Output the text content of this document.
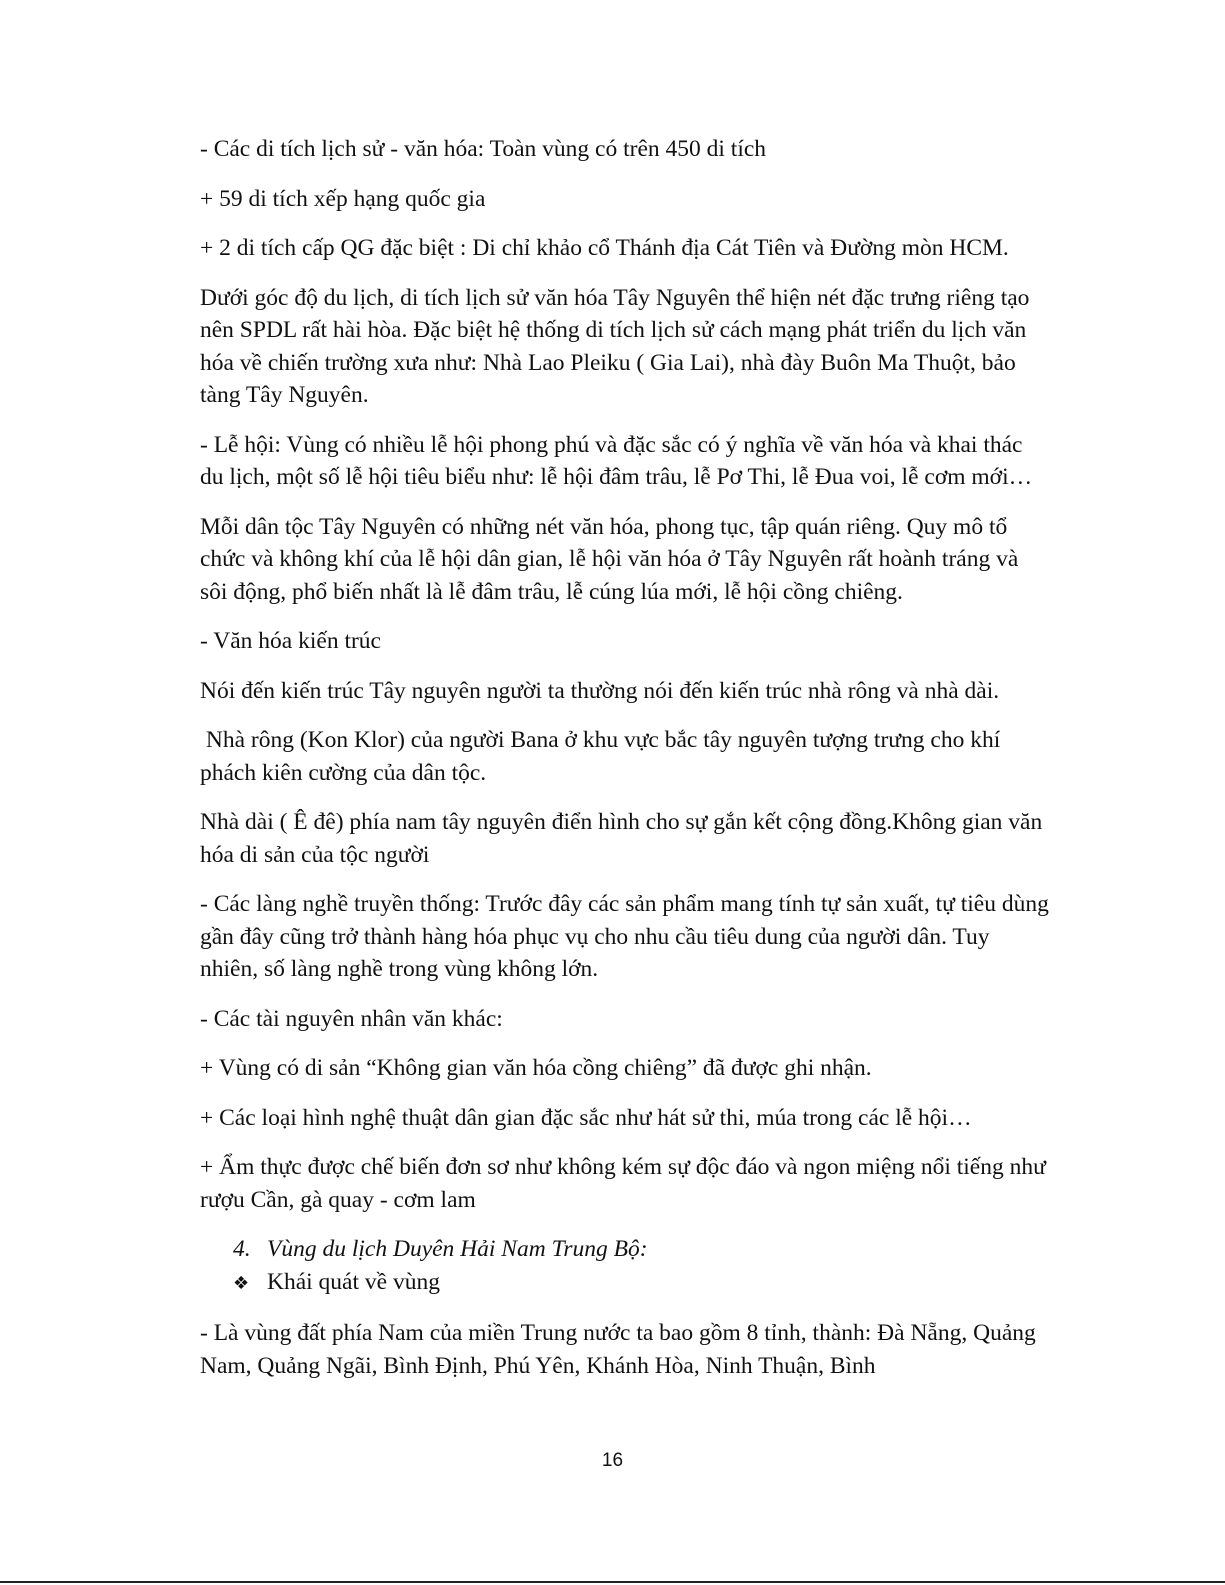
- Các di tích lịch sử - văn hóa: Toàn vùng có trên 450 di tích

+ 59 di tích xếp hạng quốc gia

+ 2 di tích cấp QG đặc biệt : Di chỉ khảo cổ Thánh địa Cát Tiên và Đường mòn HCM.

Dưới góc độ du lịch, di tích lịch sử văn hóa Tây Nguyên thể hiện nét đặc trưng riêng tạo nên SPDL rất hài hòa. Đặc biệt hệ thống di tích lịch sử cách mạng phát triển du lịch văn hóa về chiến trường xưa như: Nhà Lao Pleiku ( Gia Lai), nhà đày Buôn Ma Thuột, bảo tàng Tây Nguyên.

- Lễ hội: Vùng có nhiều lễ hội phong phú và đặc sắc có ý nghĩa về văn hóa và khai thác du lịch, một số lễ hội tiêu biểu như: lễ hội đâm trâu, lễ Pơ Thi, lễ Đua voi, lễ cơm mới…

Mỗi dân tộc Tây Nguyên có những nét văn hóa, phong tục, tập quán riêng. Quy mô tổ chức và không khí của lễ hội dân gian, lễ hội văn hóa ở Tây Nguyên rất hoành tráng và sôi động, phổ biến nhất là lễ đâm trâu, lễ cúng lúa mới, lễ hội cồng chiêng.

- Văn hóa kiến trúc

Nói đến kiến trúc Tây nguyên người ta thường nói đến kiến trúc nhà rông và nhà dài.

Nhà rông (Kon Klor) của người Bana ở khu vực bắc tây nguyên tượng trưng cho khí phách kiên cường của dân tộc.

Nhà dài ( Ê đê) phía nam tây nguyên điển hình cho sự gắn kết cộng đồng.Không gian văn hóa di sản của tộc người

- Các làng nghề truyền thống: Trước đây các sản phẩm mang tính tự sản xuất, tự tiêu dùng gần đây cũng trở thành hàng hóa phục vụ cho nhu cầu tiêu dung của người dân. Tuy nhiên, số làng nghề trong vùng không lớn.

- Các tài nguyên nhân văn khác:

+ Vùng có di sản “Không gian văn hóa cồng chiêng” đã được ghi nhận.

+ Các loại hình nghệ thuật dân gian đặc sắc như hát sử thi, múa trong các lễ hội…

+ Ẩm thực được chế biến đơn sơ như không kém sự độc đáo và ngon miệng nổi tiếng như rượu Cần, gà quay - cơm lam

4. Vùng du lịch Duyên Hải Nam Trung Bộ:

❖ Khái quát về vùng

- Là vùng đất phía Nam của miền Trung nước ta bao gồm 8 tỉnh, thành: Đà Nẵng, Quảng Nam, Quảng Ngãi, Bình Định, Phú Yên, Khánh Hòa, Ninh Thuận, Bình

16
